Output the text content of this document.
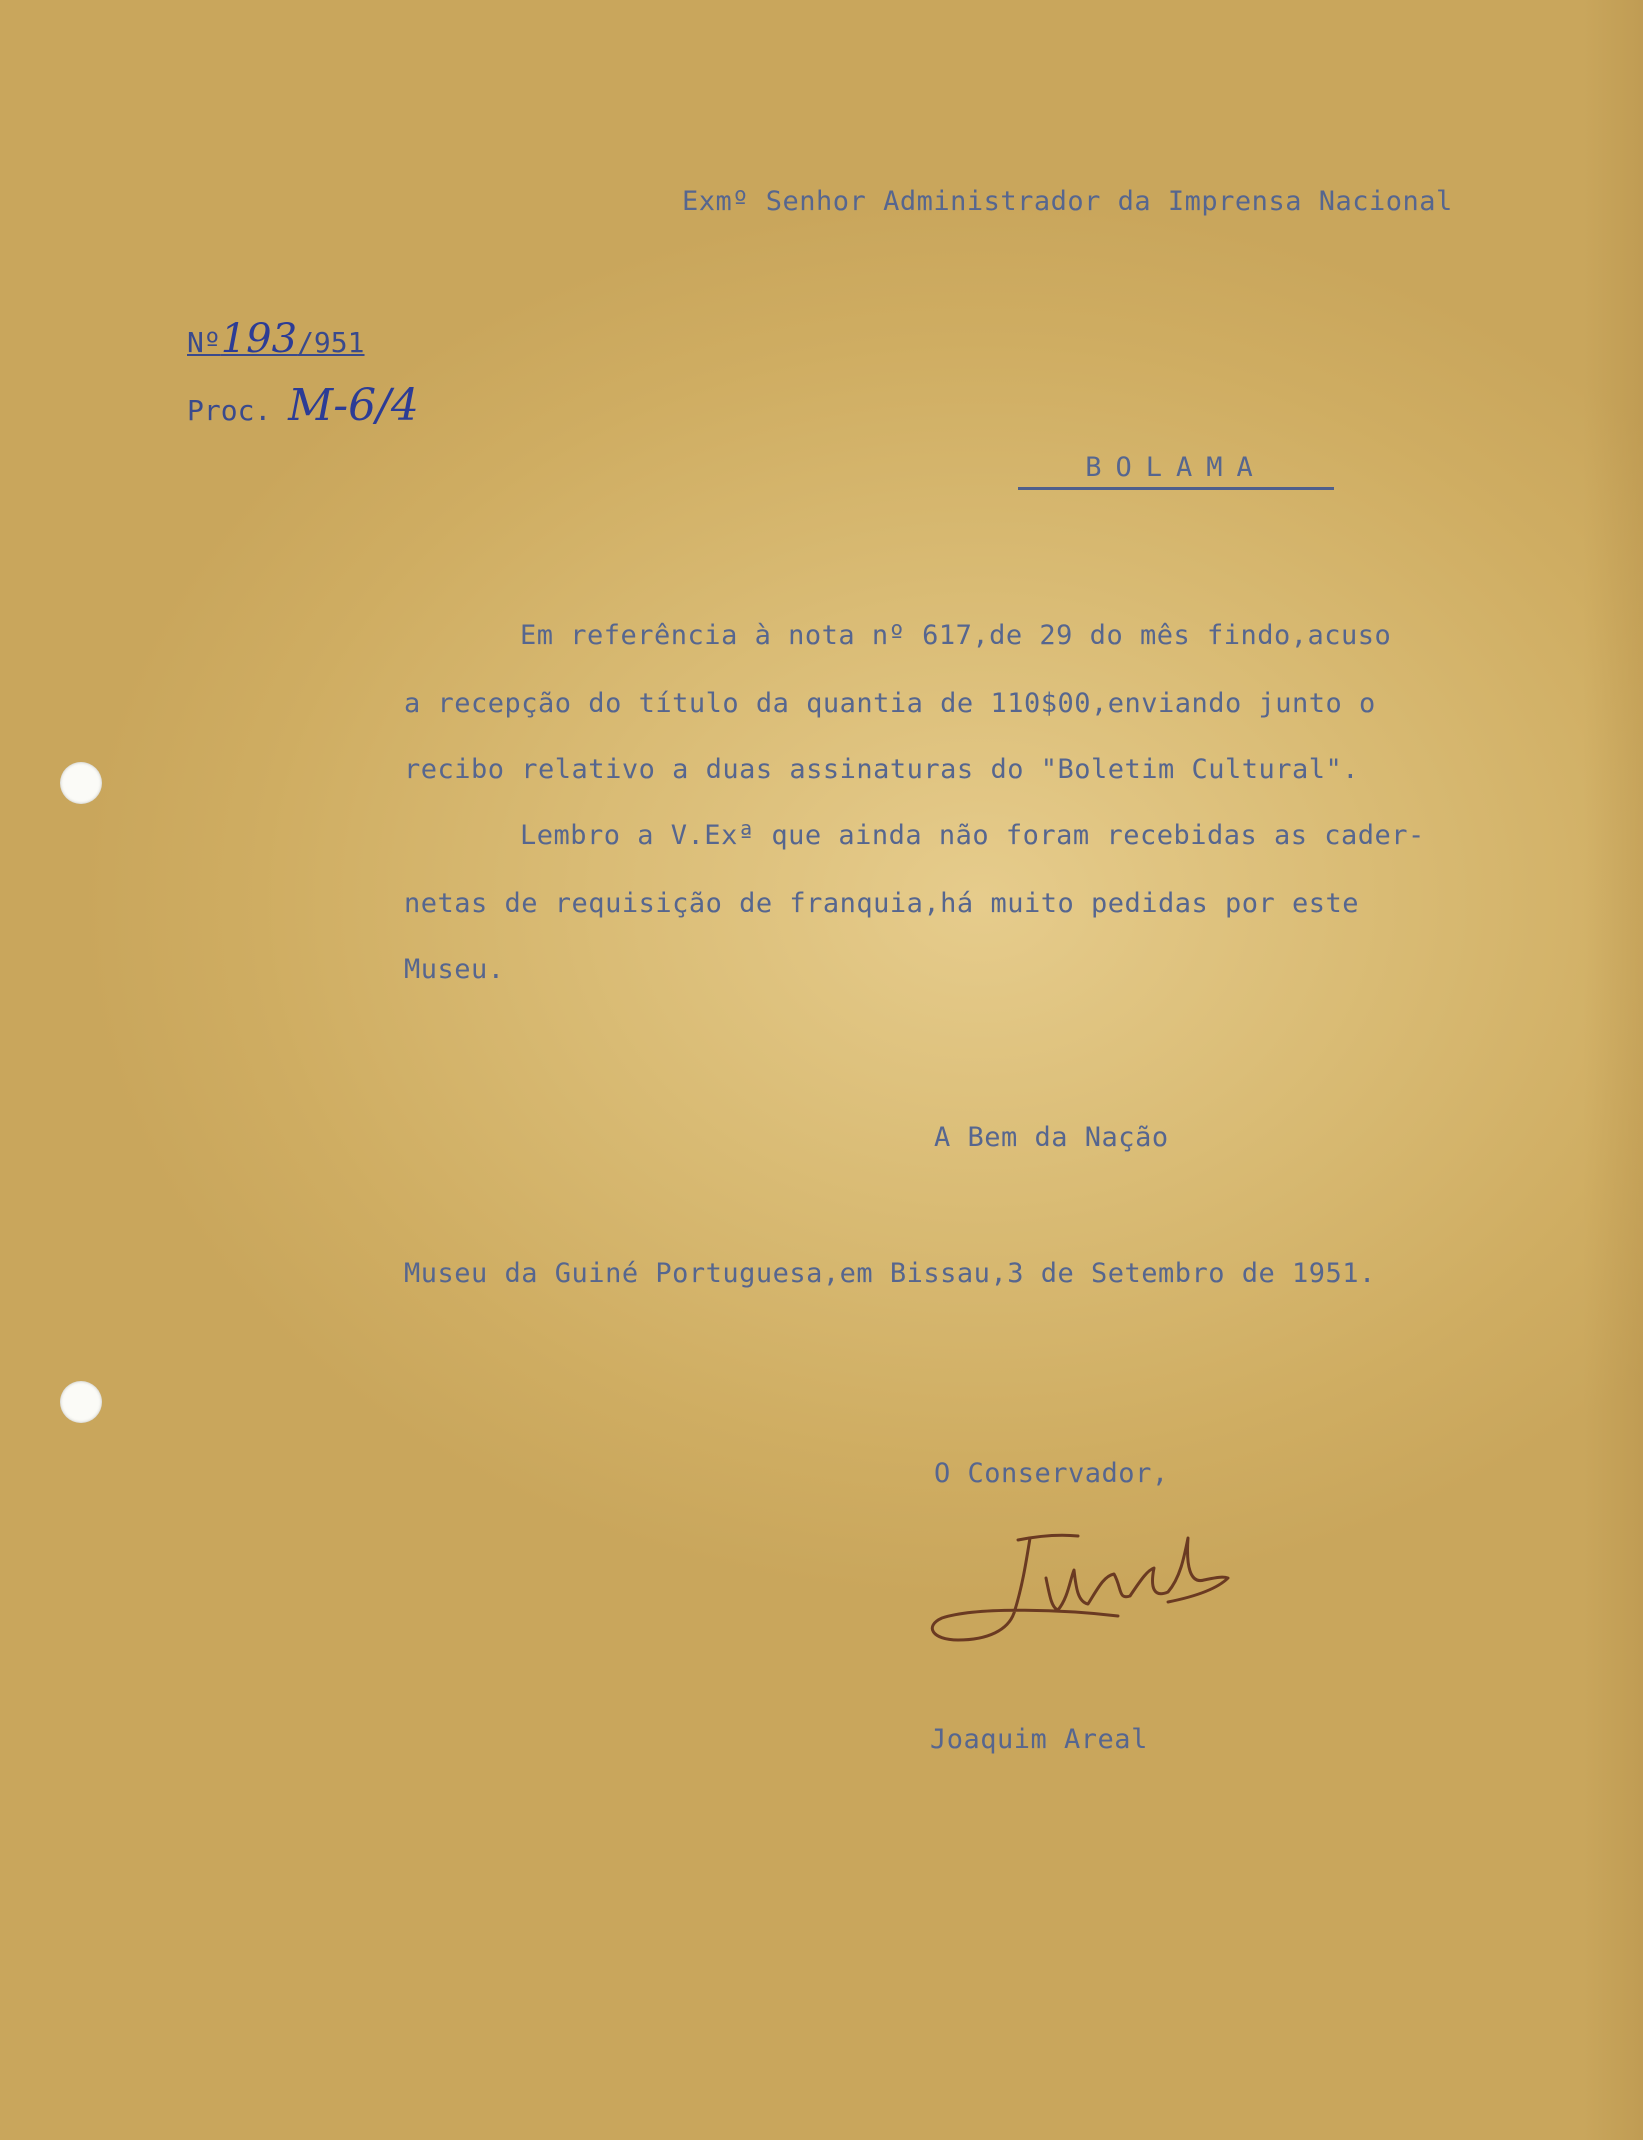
Exmº Senhor Administrador da Imprensa Nacional
Nº193/951
Proc. M-6/4
BOLAMA
Em referência à nota nº 617,de 29 do mês findo,acuso
a recepção do título da quantia de 110$00,enviando junto o
recibo relativo a duas assinaturas do "Boletim Cultural".
Lembro a V.Exª que ainda não foram recebidas as cader-
netas de requisição de franquia,há muito pedidas por este
Museu.
A Bem da Nação
Museu da Guiné Portuguesa,em Bissau,3 de Setembro de 1951.
O Conservador,
Joaquim Areal
